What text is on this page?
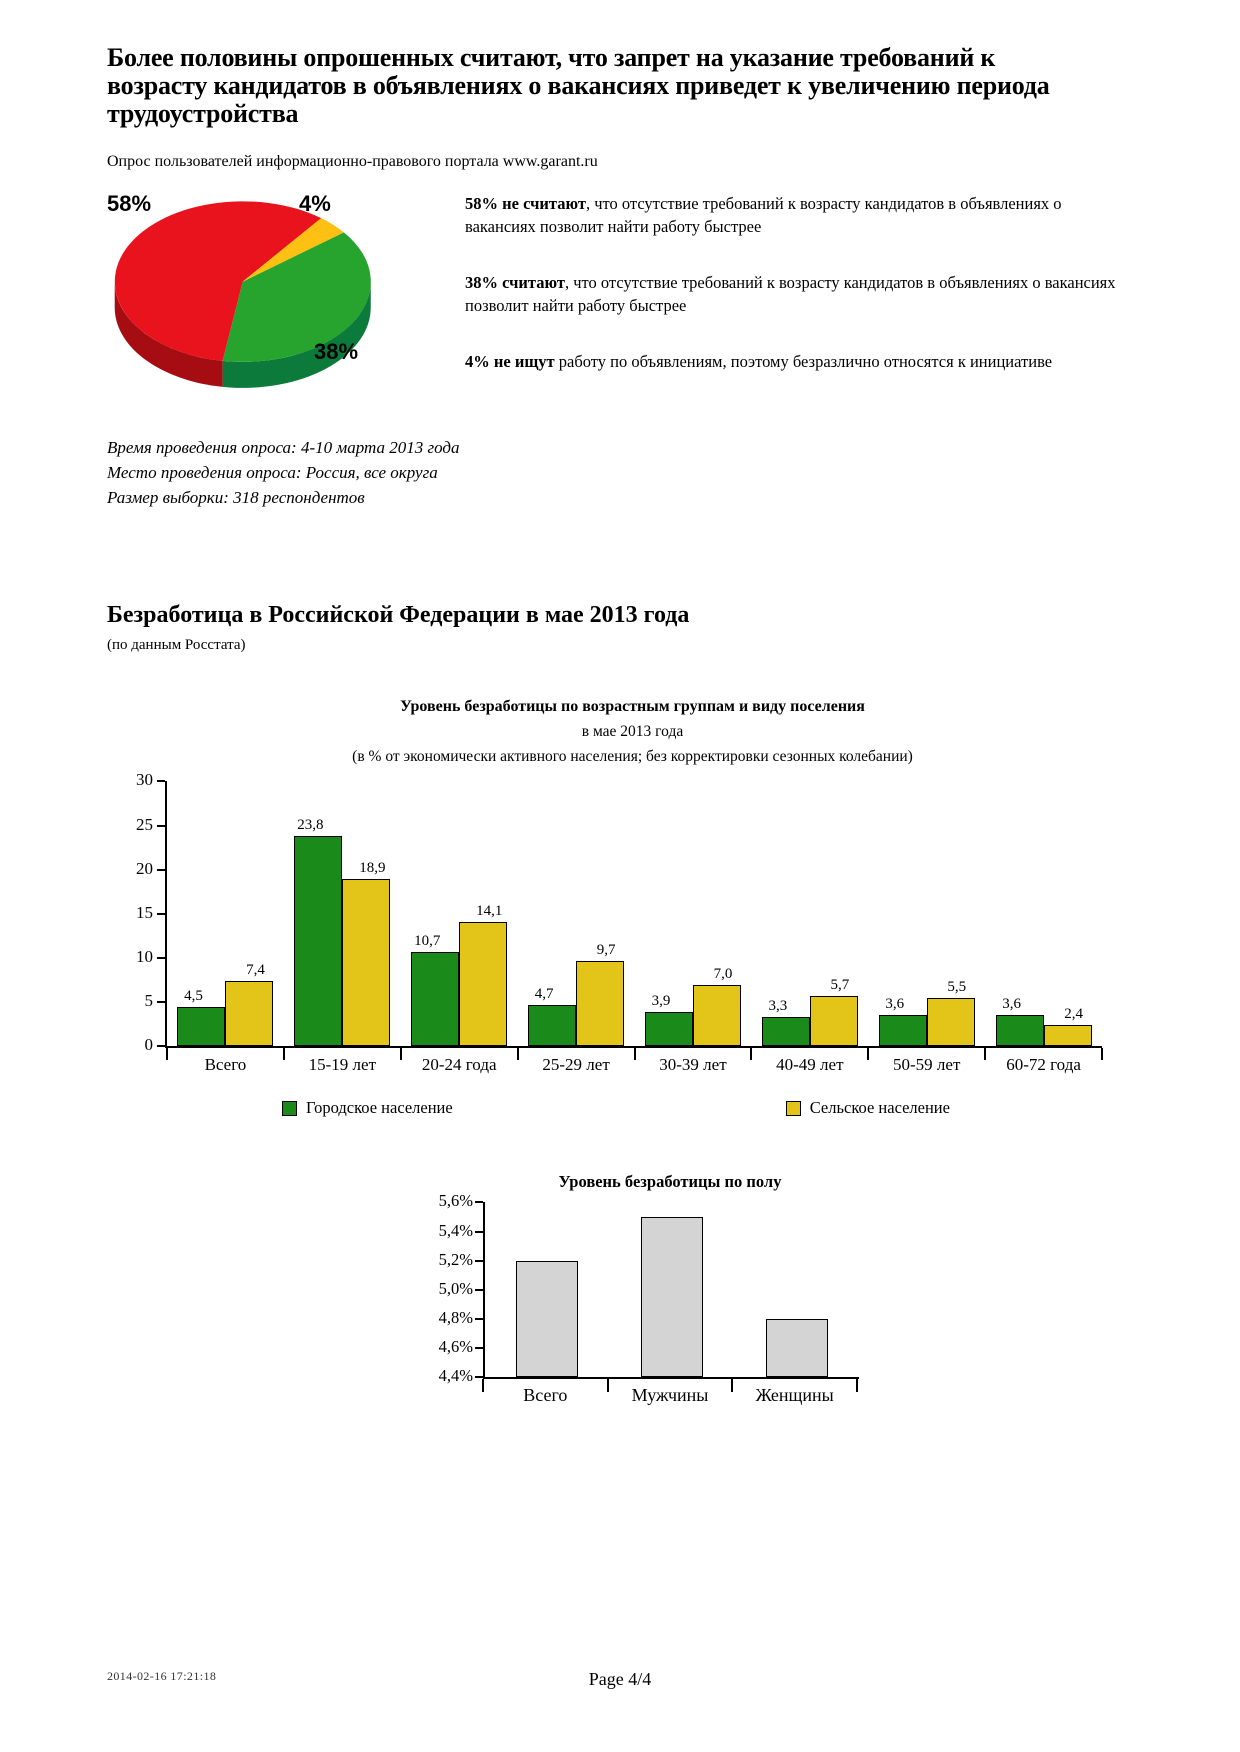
Более половины опрошенных считают, что запрет на указание требований к возрасту кандидатов в объявлениях о вакансиях приведет к увеличению периода трудоустройства
Опрос пользователей информационно-правового портала www.garant.ru
58%	4%
38%

58% не считают, что отсутствие требований к возрасту кандидатов в объявлениях о вакансиях позволит найти работу быстрее

38% считают, что отсутствие требований к возрасту кандидатов в объявлениях о вакансиях позволит найти работу быстрее

4% не ищут работу по объявлениям, поэтому безразлично относятся к инициативе

Время проведения опроса: 4-10 марта 2013 года
Место проведения опроса: Россия, все округа
Размер выборки: 318 респондентов
Безработица в Российской Федерации в мае 2013 года
(по данным Росстата)
Уровень безработицы по возрастным группам и виду поселения
в мае 2013 года
(в % от экономически активного населения; без корректировки сезонных колебании)
0
5
10
15
20
25
30
4,5
7,4
23,8
18,9
10,7
14,1
4,7
9,7
3,9
7,0
3,3
5,7
3,6
5,5
3,6
2,4
Всего	15-19 лет	20-24 года	25-29 лет	30-39 лет	40-49 лет	50-59 лет	60-72 года
Городское население	Сельское население
Уровень безработицы по полу
4,4%
4,6%
4,8%
5,0%
5,2%
5,4%
5,6%
Всего	Мужчины	Женщины
2014-02-16 17:21:18	Page 4/4
